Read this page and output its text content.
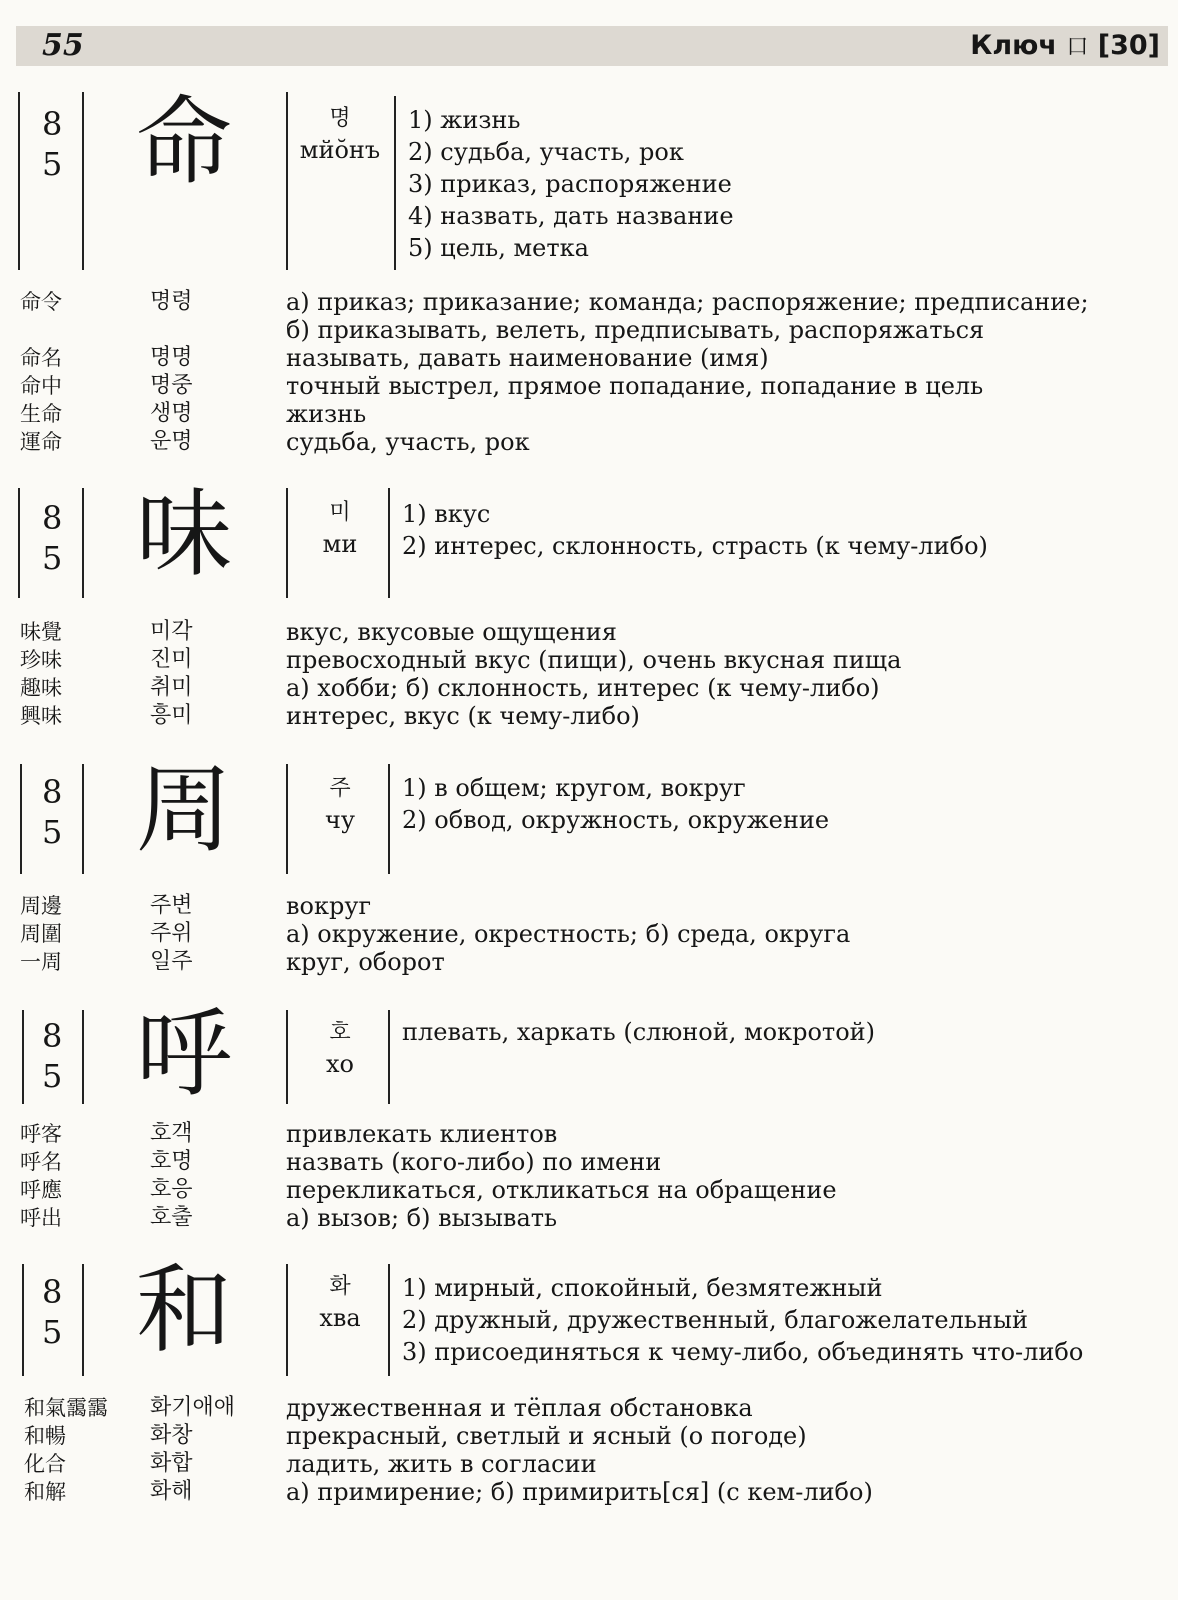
55	Ключ 口 [30]
8
5 命	명
мйŏнъ
1) жизнь
2) судьба, участь, рок
3) приказ, распоряжение
4) назвать, дать название
5) цель, метка
命令	명령	а) приказ; приказание; команда; распоряжение; предписание;
б) приказывать, велеть, предписывать, распоряжаться
命名	명명	называть, давать наименование (имя)
命中	명중	точный выстрел, прямое попадание, попадание в цель
生命	생명	жизнь
運命	운명	судьба, участь, рок
8
5 味	미
ми
1) вкус
2) интерес, склонность, страсть (к чему-либо)
味覺	미각	вкус, вкусовые ощущения
珍味	진미	превосходный вкус (пищи), очень вкусная пища
趣味	취미	а) хобби; б) склонность, интерес (к чему-либо)
興味	흥미	интерес, вкус (к чему-либо)
8
5 周	주
чу
1) в общем; кругом, вокруг
2) обвод, окружность, окружение
周邊	주변	вокруг
周圍	주위	а) окружение, окрестность; б) среда, округа
一周	일주	круг, оборот
8
5 呼	호
хо
плевать, харкать (слюной, мокротой)
呼客	호객	привлекать клиентов
呼名	호명	назвать (кого-либо) по имени
呼應	호응	перекликаться, откликаться на обращение
呼出	호출	а) вызов; б) вызывать
8
5 和	화
хва
1) мирный, спокойный, безмятежный
2) дружный, дружественный, благожелательный
3) присоединяться к чему-либо, объединять что-либо
和氣靄靄 화기애애 дружественная и тёплая обстановка
和暢	화창	прекрасный, светлый и ясный (о погоде)
化合	화합	ладить, жить в согласии
和解	화해	а) примирение; б) примирить[ся] (с кем-либо)
